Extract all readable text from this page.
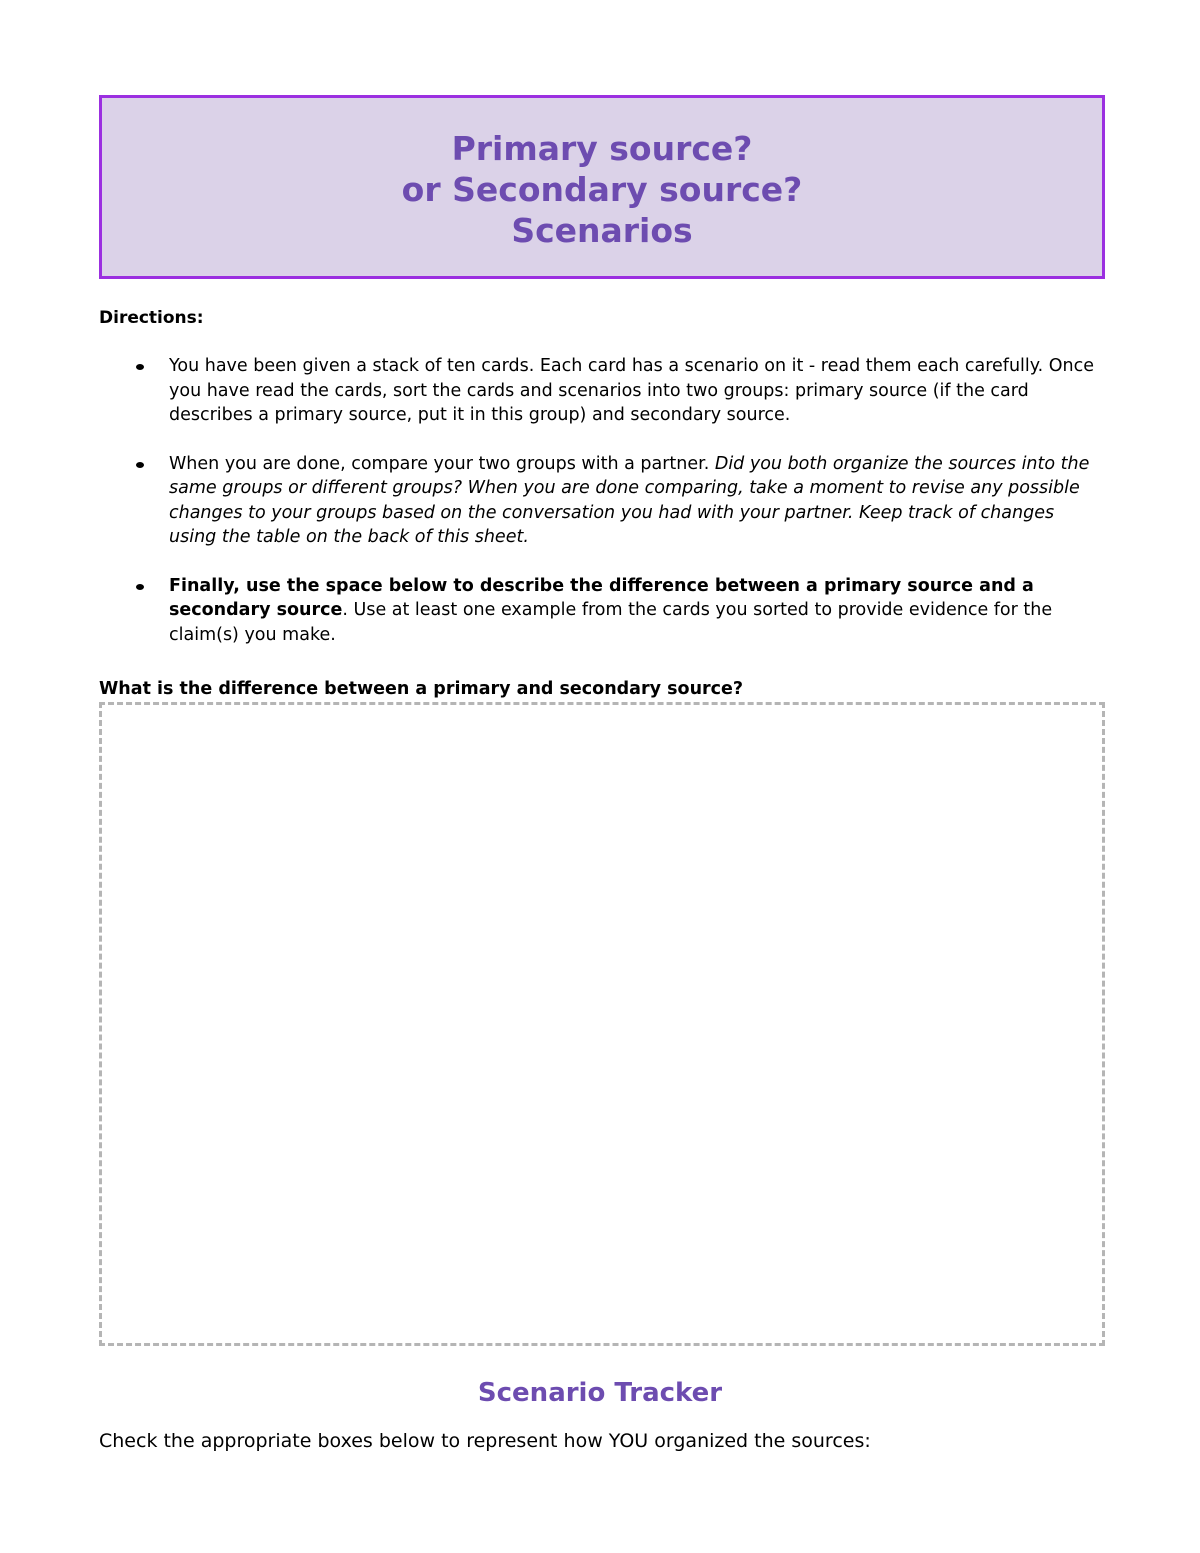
Primary source?
or Secondary source?
Scenarios

Directions:

You have been given a stack of ten cards. Each card has a scenario on it - read them each carefully. Once you have read the cards, sort the cards and scenarios into two groups: primary source (if the card describes a primary source, put it in this group) and secondary source.
When you are done, compare your two groups with a partner. Did you both organize the sources into the same groups or different groups? When you are done comparing, take a moment to revise any possible changes to your groups based on the conversation you had with your partner. Keep track of changes using the table on the back of this sheet.
Finally, use the space below to describe the difference between a primary source and a secondary source. Use at least one example from the cards you sorted to provide evidence for the claim(s) you make.

What is the difference between a primary and secondary source?

Scenario Tracker

Check the appropriate boxes below to represent how YOU organized the sources:
